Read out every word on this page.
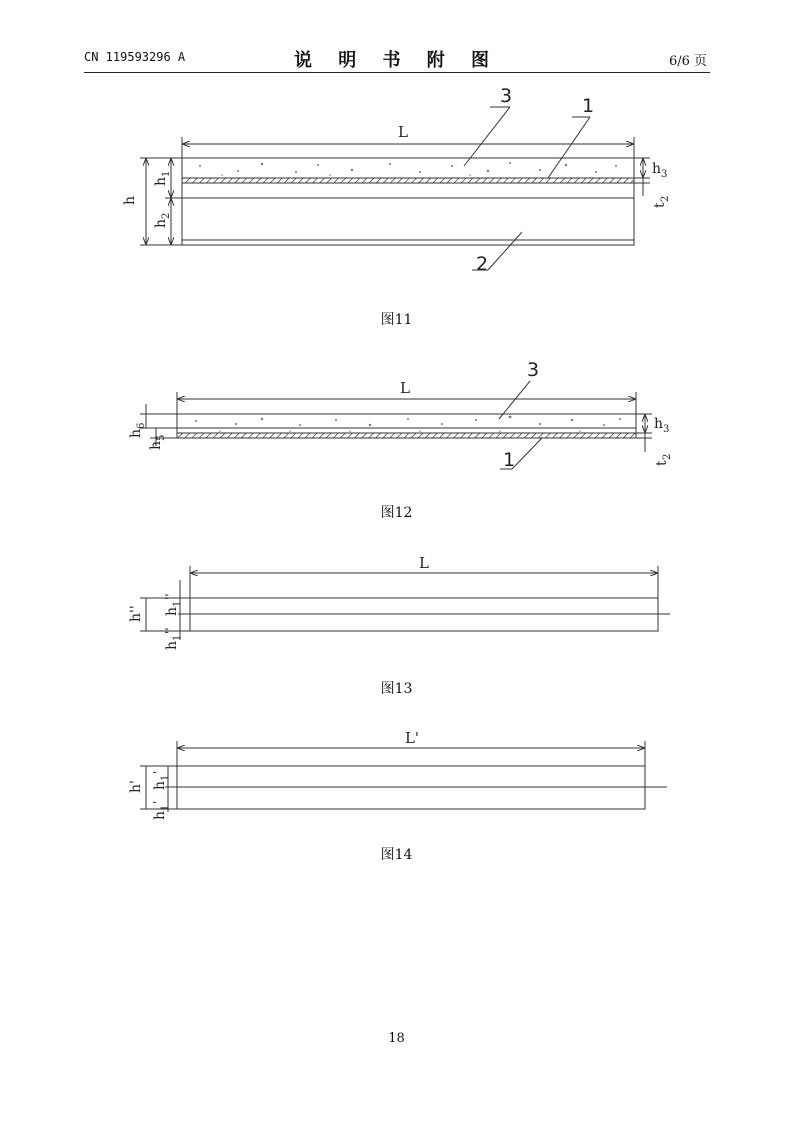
CN 119593296 A	说 明 书 附 图	6/6 页
L
h
h
1
h
2
h 3
t
2
3	1
2
L
h
6
h
5
h 3
t
2
3
1
L
h'' h
1
''
h
1
''
L'
h' h
1
'
h
1
'
图11
图12
图13
图14
18
